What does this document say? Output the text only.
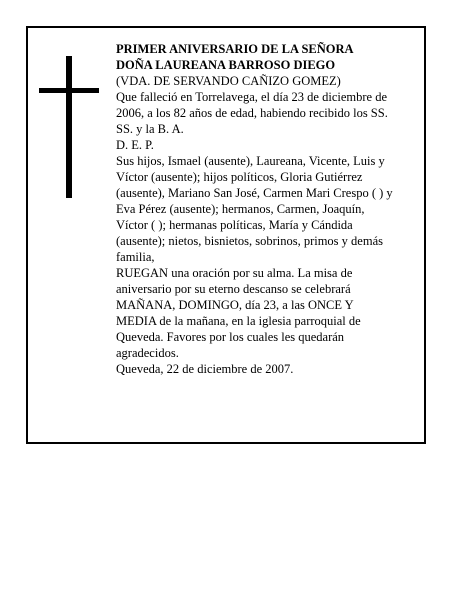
PRIMER ANIVERSARIO DE LA SEÑORA
DOÑA LAUREANA BARROSO DIEGO
(VDA. DE SERVANDO CAÑIZO GOMEZ)
Que falleció en Torrelavega, el día 23 de diciembre de
2006, a los 82 años de edad, habiendo recibido los SS.
SS. y la B. A.
D. E. P.
Sus hijos, Ismael (ausente), Laureana, Vicente, Luis y
Víctor (ausente); hijos políticos, Gloria Gutiérrez
(ausente), Mariano San José, Carmen Mari Crespo ( ) y
Eva Pérez (ausente); hermanos, Carmen, Joaquín,
Víctor ( ); hermanas políticas, María y Cándida
(ausente); nietos, bisnietos, sobrinos, primos y demás
familia,
RUEGAN una oración por su alma. La misa de
aniversario por su eterno descanso se celebrará
MAÑANA, DOMINGO, día 23, a las ONCE Y
MEDIA de la mañana, en la iglesia parroquial de
Queveda. Favores por los cuales les quedarán
agradecidos.
Queveda, 22 de diciembre de 2007.
